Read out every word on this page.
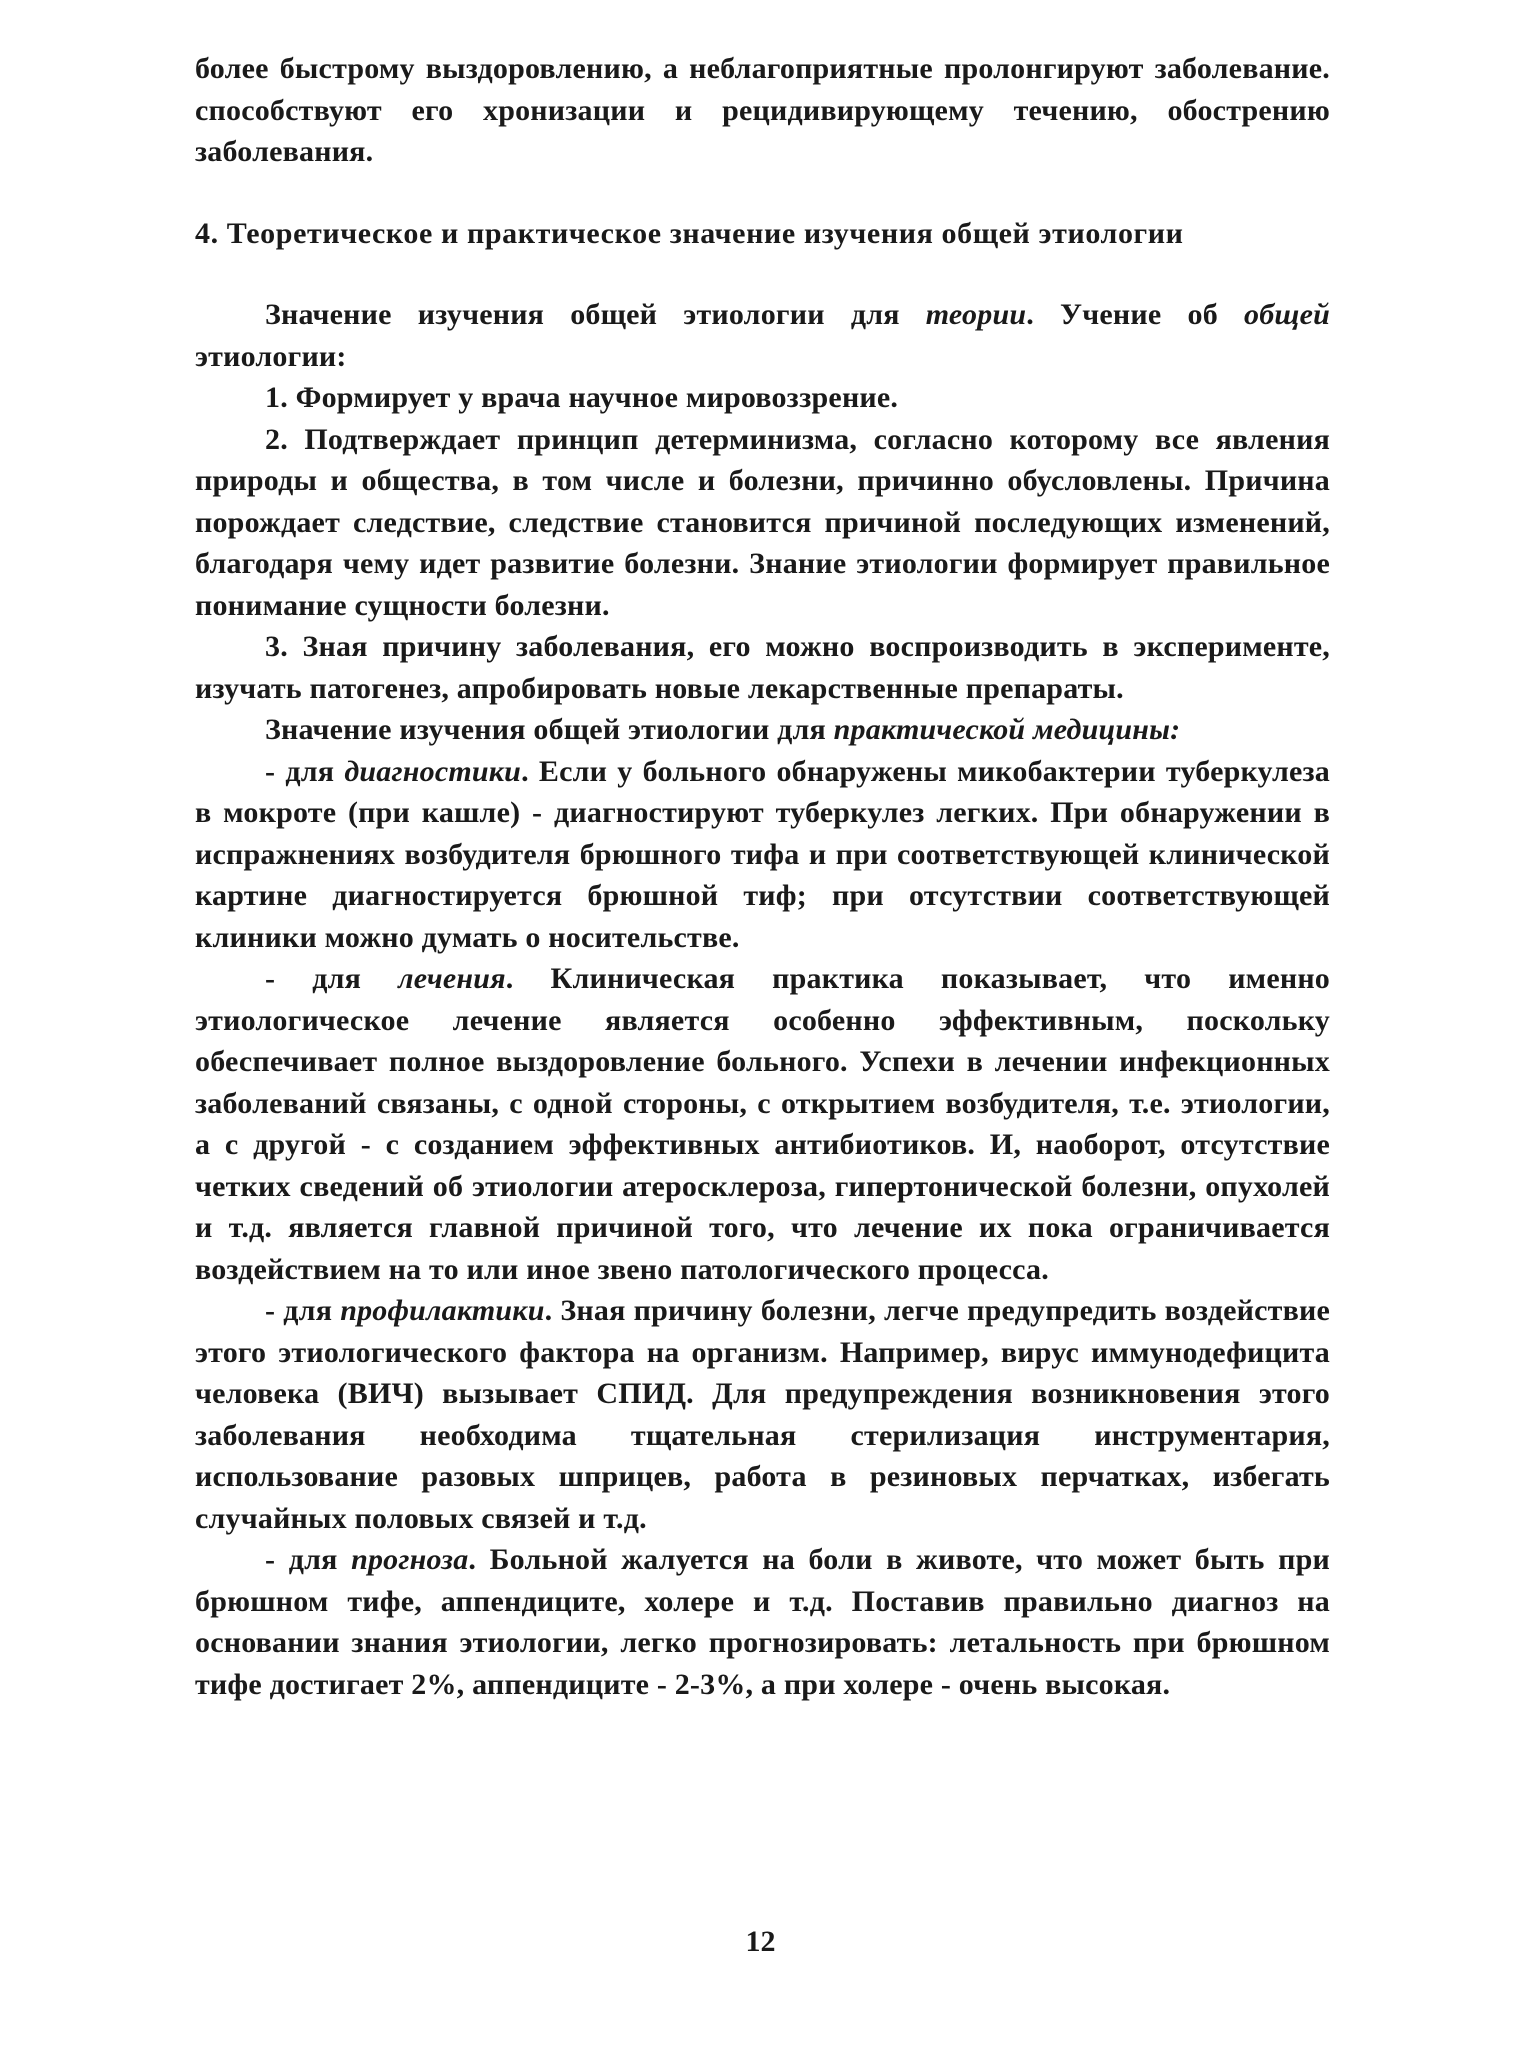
более быстрому выздоровлению, а неблагоприятные пролонгируют заболевание. способствуют его хронизации и рецидивирующему течению, обострению заболевания.

4. Теоретическое и практическое значение изучения общей этиологии

Значение изучения общей этиологии для теории. Учение об общей этиологии:

1. Формирует у врача научное мировоззрение.

2. Подтверждает принцип детерминизма, согласно которому все явления природы и общества, в том числе и болезни, причинно обусловлены. Причина порождает следствие, следствие становится причиной последующих изменений, благодаря чему идет развитие болезни. Знание этиологии формирует правильное понимание сущности болезни.

3. Зная причину заболевания, его можно воспроизводить в эксперименте, изучать патогенез, апробировать новые лекарственные препараты.

Значение изучения общей этиологии для практической медицины:

- для диагностики. Если у больного обнаружены микобактерии туберкулеза в мокроте (при кашле) - диагностируют туберкулез легких. При обнаружении в испражнениях возбудителя брюшного тифа и при соответствующей клинической картине диагностируется брюшной тиф; при отсутствии соответствующей клиники можно думать о носительстве.

- для лечения. Клиническая практика показывает, что именно этиологическое лечение является особенно эффективным, поскольку обеспечивает полное выздоровление больного. Успехи в лечении инфекционных заболеваний связаны, с одной стороны, с открытием возбудителя, т.е. этиологии, а с другой - с созданием эффективных антибиотиков. И, наоборот, отсутствие четких сведений об этиологии атеросклероза, гипертонической болезни, опухолей и т.д. является главной причиной того, что лечение их пока ограничивается воздействием на то или иное звено патологического процесса.

- для профилактики. Зная причину болезни, легче предупредить воздействие этого этиологического фактора на организм. Например, вирус иммунодефицита человека (ВИЧ) вызывает СПИД. Для предупреждения возникновения этого заболевания необходима тщательная стерилизация инструментария, использование разовых шприцев, работа в резиновых перчатках, избегать случайных половых связей и т.д.

- для прогноза. Больной жалуется на боли в животе, что может быть при брюшном тифе, аппендиците, холере и т.д. Поставив правильно диагноз на основании знания этиологии, легко прогнозировать: летальность при брюшном тифе достигает 2%, аппендиците - 2-3%, а при холере - очень высокая.

12
